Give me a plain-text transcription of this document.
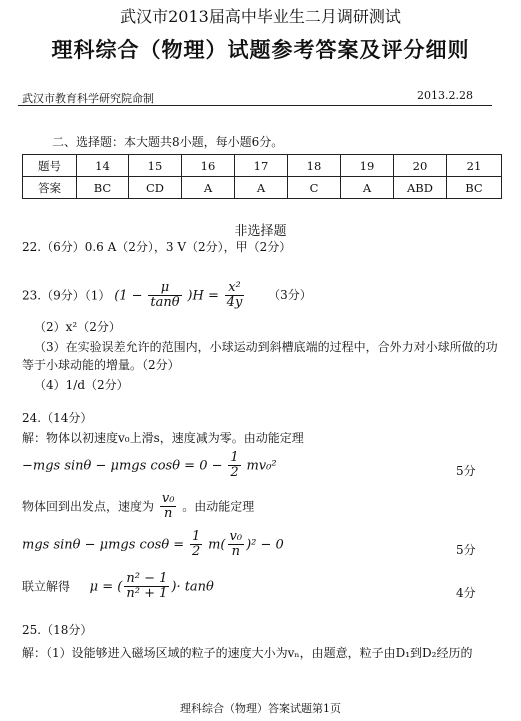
武汉市2013届高中毕业生二月调研测试
理科综合（物理）试题参考答案及评分细则
武汉市教育科学研究院命制	2013.2.28
二、选择题：本大题共8小题，每小题6分。
题号	14	15	16	17	18	19	20	21
答案	BC	CD	A	A	C	A	ABD	BC
非选择题
22.（6分）0.6 A（2分），3 V（2分），甲（2分）
23.（9分）（1） $(1 - \frac{\mu}{\tan\theta} )H = \frac{\text{x²}}{4y} (3$分）
（2）x²（2分）
（3）在实验误差允许的范围内，小球运动到斜槽底端的过程中，合外力对小球所做的功
等于小球动能的增量。（2分）
（4）1/d（2分）
24.（14分）
解：物体以初速度v₀上滑s，速度减为零。由动能定理
−mgs sinθ − μmgs $\cos\theta = 0 - \frac{1}{2} mv_0^2$	5分
物体回到出发点，速度为 $\frac{\text{v₀}}{n}$ 。由动能定理
mgs sinθ − μmgs $\cos\theta = \frac{1}{2} m( \frac{\text{v₀}}{n} )^2 - 0$	5分
联立解得 μ = ( $\frac{\text{n² − 1}}{\text{n² + 1}}$ )· tanθ	4分
25.（18分）
解：（1）设能够进入磁场区域的粒子的速度大小为vₙ，由题意，粒子由D₁到D₂经历的
理科综合（物理）答案试题第1页
